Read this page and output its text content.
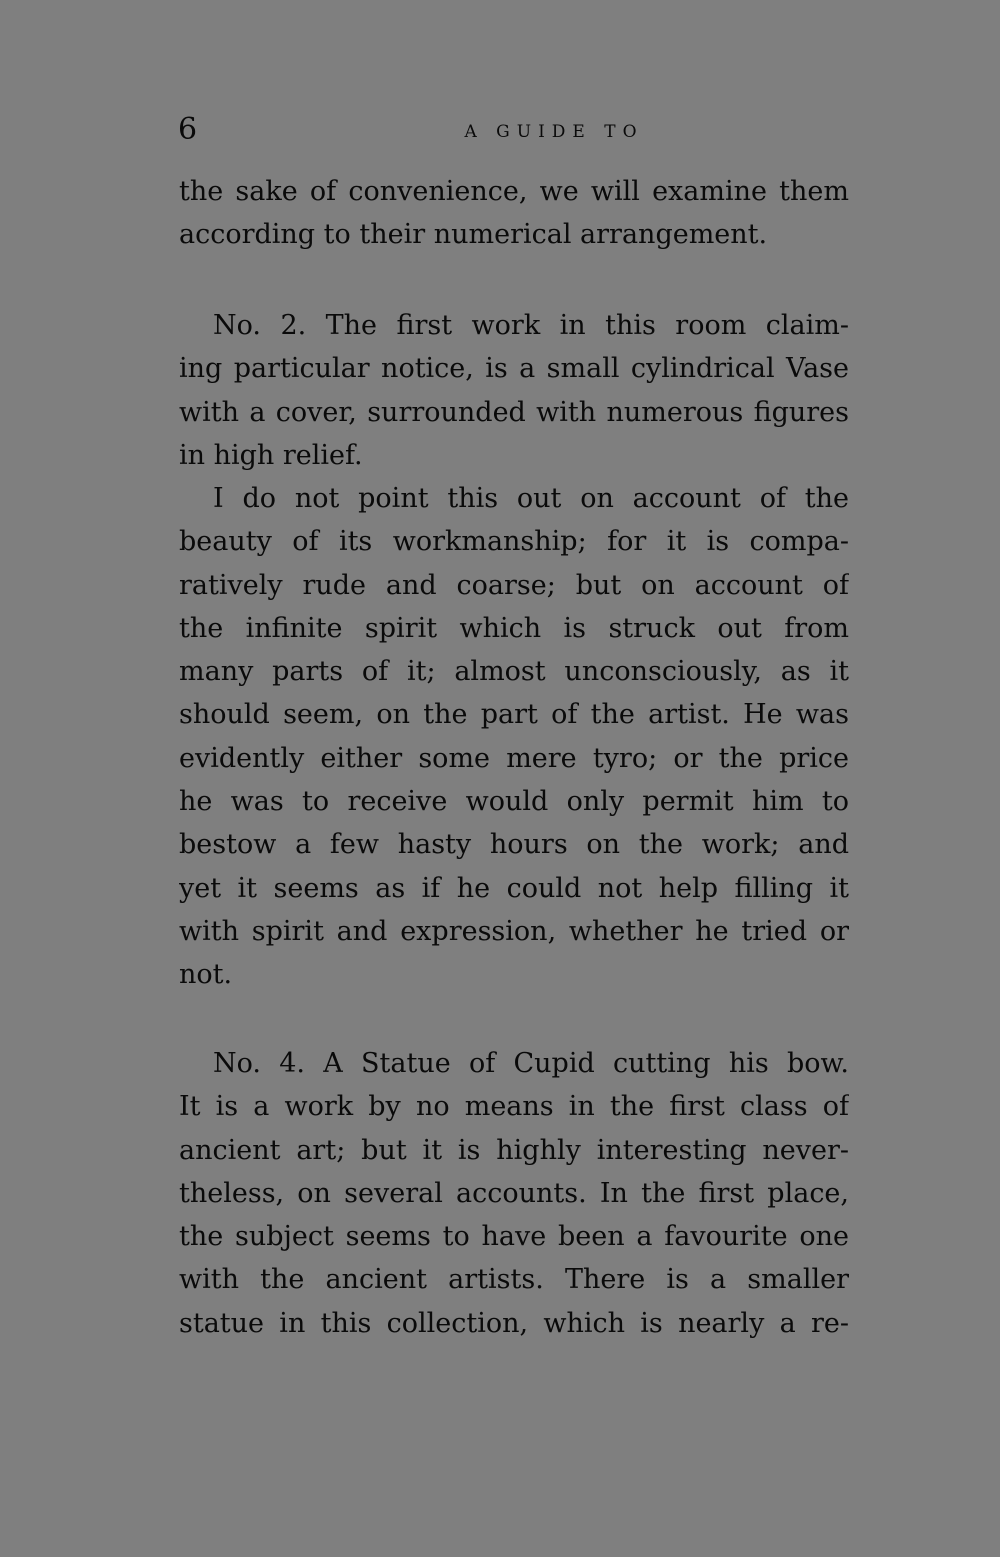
6	A GUIDE TO

the sake of convenience, we will examine them
according to their numerical arrangement.

No. 2. The first work in this room claim-
ing particular notice, is a small cylindrical Vase
with a cover, surrounded with numerous figures
in high relief.

I do not point this out on account of the
beauty of its workmanship; for it is compa-
ratively rude and coarse; but on account of
the infinite spirit which is struck out from
many parts of it; almost unconsciously, as it
should seem, on the part of the artist. He was
evidently either some mere tyro; or the price
he was to receive would only permit him to
bestow a few hasty hours on the work; and
yet it seems as if he could not help filling it
with spirit and expression, whether he tried or
not.

No. 4. A Statue of Cupid cutting his bow.
It is a work by no means in the first class of
ancient art; but it is highly interesting never-
theless, on several accounts. In the first place,
the subject seems to have been a favourite one
with the ancient artists. There is a smaller
statue in this collection, which is nearly a re-
